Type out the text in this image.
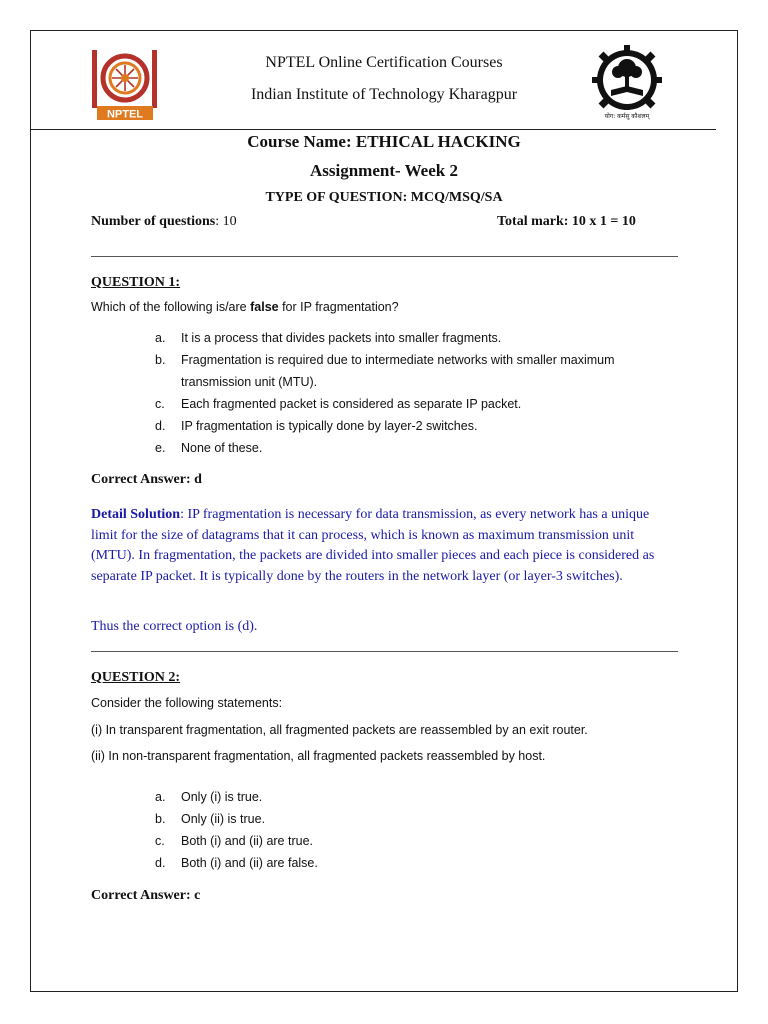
NPTEL	योग: कर्मसु कौशलम्
NPTEL Online Certification Courses
Indian Institute of Technology Kharagpur
Course Name: ETHICAL HACKING
Assignment- Week 2
TYPE OF QUESTION: MCQ/MSQ/SA
Number of questions: 10	Total mark: 10 x 1 = 10
QUESTION 1:
Which of the following is/are false for IP fragmentation?
a. It is a process that divides packets into smaller fragments.
b. Fragmentation is required due to intermediate networks with smaller maximum transmission unit (MTU).
c. Each fragmented packet is considered as separate IP packet.
d. IP fragmentation is typically done by layer-2 switches.
e. None of these.
Correct Answer: d
Detail Solution: IP fragmentation is necessary for data transmission, as every network has a unique limit for the size of datagrams that it can process, which is known as maximum transmission unit (MTU). In fragmentation, the packets are divided into smaller pieces and each piece is considered as separate IP packet. It is typically done by the routers in the network layer (or layer-3 switches).
Thus the correct option is (d).
QUESTION 2:
Consider the following statements:
(i) In transparent fragmentation, all fragmented packets are reassembled by an exit router.
(ii) In non-transparent fragmentation, all fragmented packets reassembled by host.
a. Only (i) is true.
b. Only (ii) is true.
c. Both (i) and (ii) are true.
d. Both (i) and (ii) are false.
Correct Answer: c
